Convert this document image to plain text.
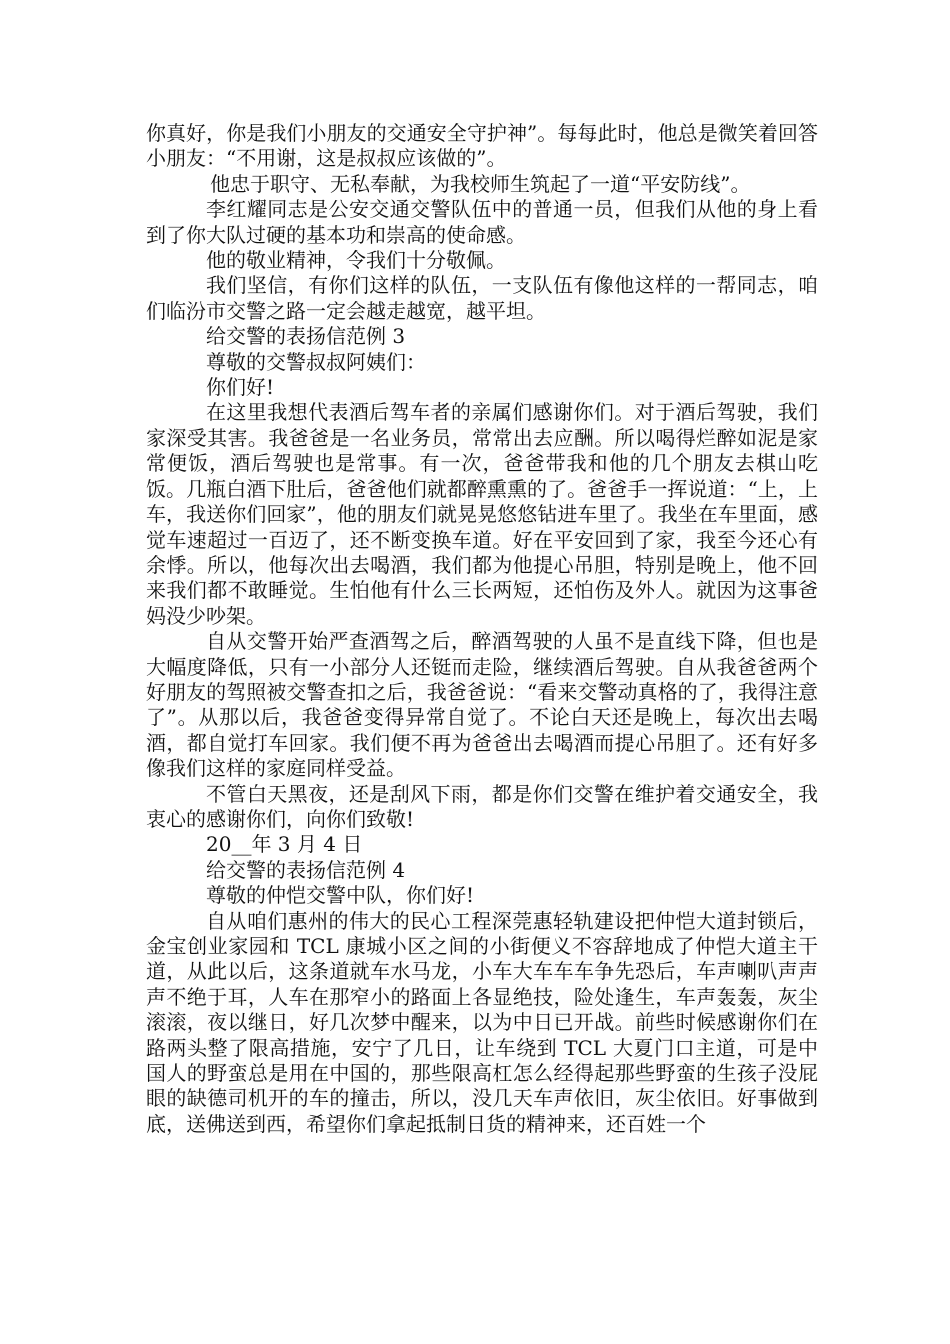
你真好，你是我们小朋友的交通安全守护神”。每每此时，他总是微笑着回答小朋友：“不用谢，这是叔叔应该做的”。

他忠于职守、无私奉献，为我校师生筑起了一道“平安防线”。

李红耀同志是公安交通交警队伍中的普通一员，但我们从他的身上看到了你大队过硬的基本功和崇高的使命感。

他的敬业精神，令我们十分敬佩。

我们坚信，有你们这样的队伍，一支队伍有像他这样的一帮同志，咱们临汾市交警之路一定会越走越宽，越平坦。

给交警的表扬信范例 3

尊敬的交警叔叔阿姨们：

你们好!

在这里我想代表酒后驾车者的亲属们感谢你们。对于酒后驾驶，我们家深受其害。我爸爸是一名业务员，常常出去应酬。所以喝得烂醉如泥是家常便饭，酒后驾驶也是常事。有一次，爸爸带我和他的几个朋友去棋山吃饭。几瓶白酒下肚后，爸爸他们就都醉熏熏的了。爸爸手一挥说道：“上，上车，我送你们回家”，他的朋友们就晃晃悠悠钻进车里了。我坐在车里面，感觉车速超过一百迈了，还不断变换车道。好在平安回到了家，我至今还心有余悸。所以，他每次出去喝酒，我们都为他提心吊胆，特别是晚上，他不回来我们都不敢睡觉。生怕他有什么三长两短，还怕伤及外人。就因为这事爸妈没少吵架。

自从交警开始严查酒驾之后，醉酒驾驶的人虽不是直线下降，但也是大幅度降低，只有一小部分人还铤而走险，继续酒后驾驶。自从我爸爸两个好朋友的驾照被交警查扣之后，我爸爸说：“看来交警动真格的了，我得注意了”。从那以后，我爸爸变得异常自觉了。不论白天还是晚上，每次出去喝酒，都自觉打车回家。我们便不再为爸爸出去喝酒而提心吊胆了。还有好多像我们这样的家庭同样受益。

不管白天黑夜，还是刮风下雨，都是你们交警在维护着交通安全，我衷心的感谢你们，向你们致敬!

20__年 3 月 4 日

给交警的表扬信范例 4

尊敬的仲恺交警中队，你们好!

自从咱们惠州的伟大的民心工程深莞惠轻轨建设把仲恺大道封锁后，金宝创业家园和 TCL 康城小区之间的小街便义不容辞地成了仲恺大道主干道，从此以后，这条道就车水马龙，小车大车车车争先恐后，车声喇叭声声声不绝于耳，人车在那窄小的路面上各显绝技，险处逢生，车声轰轰，灰尘滚滚，夜以继日，好几次梦中醒来，以为中日已开战。前些时候感谢你们在路两头整了限高措施，安宁了几日，让车绕到 TCL 大夏门口主道，可是中国人的野蛮总是用在中国的，那些限高杠怎么经得起那些野蛮的生孩子没屁眼的缺德司机开的车的撞击，所以，没几天车声依旧，灰尘依旧。好事做到底，送佛送到西，希望你们拿起抵制日货的精神来，还百姓一个
